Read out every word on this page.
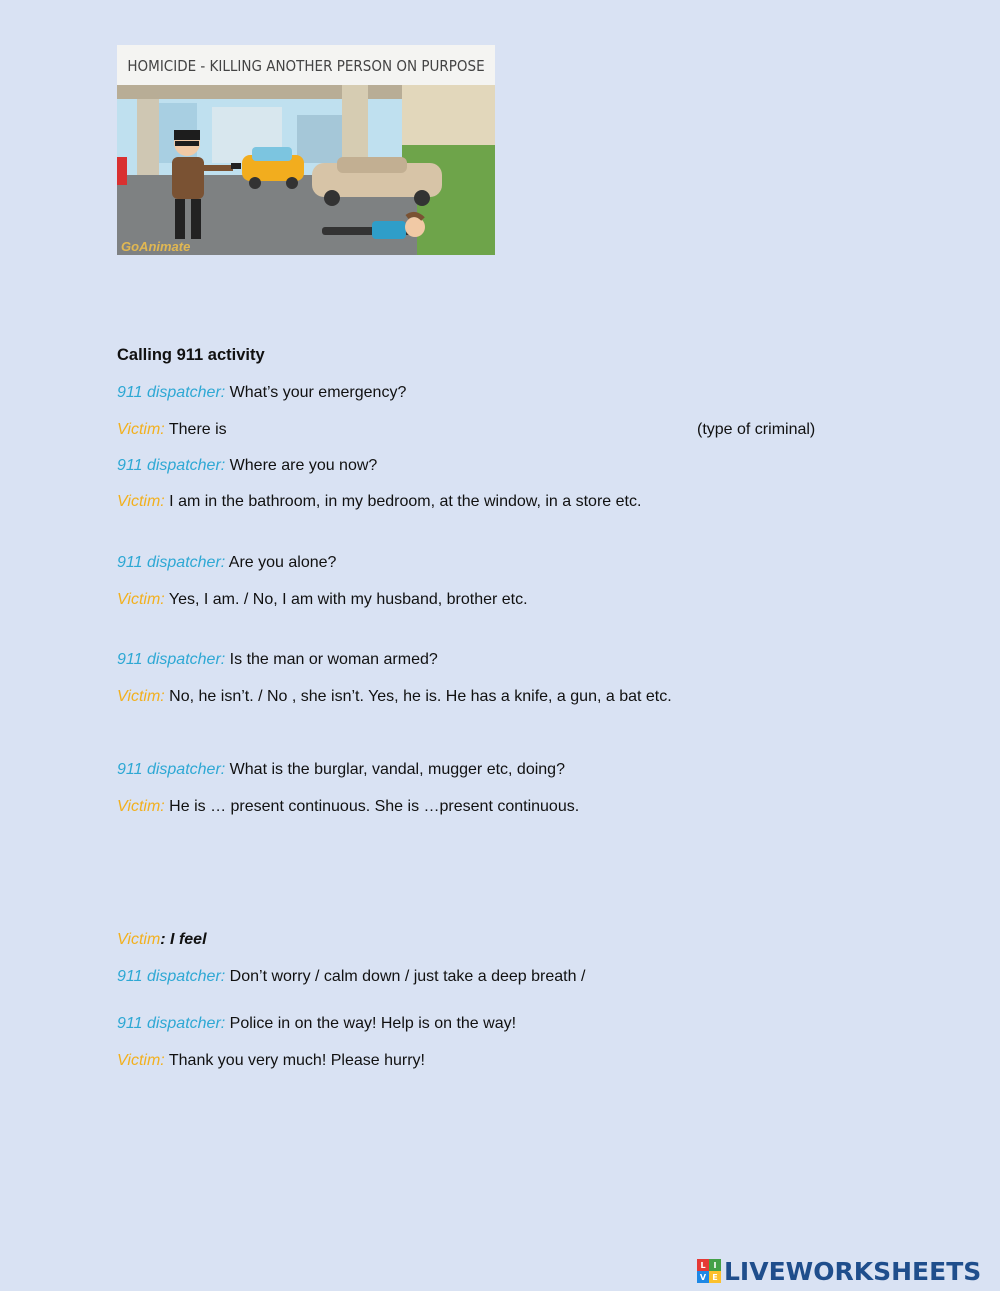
HOMICIDE - KILLING ANOTHER PERSON ON PURPOSE
GoAnimate
Calling 911 activity
911 dispatcher: What’s your emergency?
Victim: There is	(type of criminal)
911 dispatcher: Where are you now?
Victim: I am in the bathroom, in my bedroom, at the window, in a store etc.
911 dispatcher: Are you alone?
Victim: Yes, I am. / No, I am with my husband, brother etc.
911 dispatcher: Is the man or woman armed?
Victim: No, he isn’t. / No , she isn’t. Yes, he is. He has a knife, a gun, a bat etc.
911 dispatcher: What is the burglar, vandal, mugger etc, doing?
Victim: He is … present continuous. She is …present continuous.
Victim: I feel
911 dispatcher: Don’t worry / calm down / just take a deep breath /
911 dispatcher: Police in on the way! Help is on the way!
Victim: Thank you very much! Please hurry!
L I
V E LIVEWORKSHEETS
